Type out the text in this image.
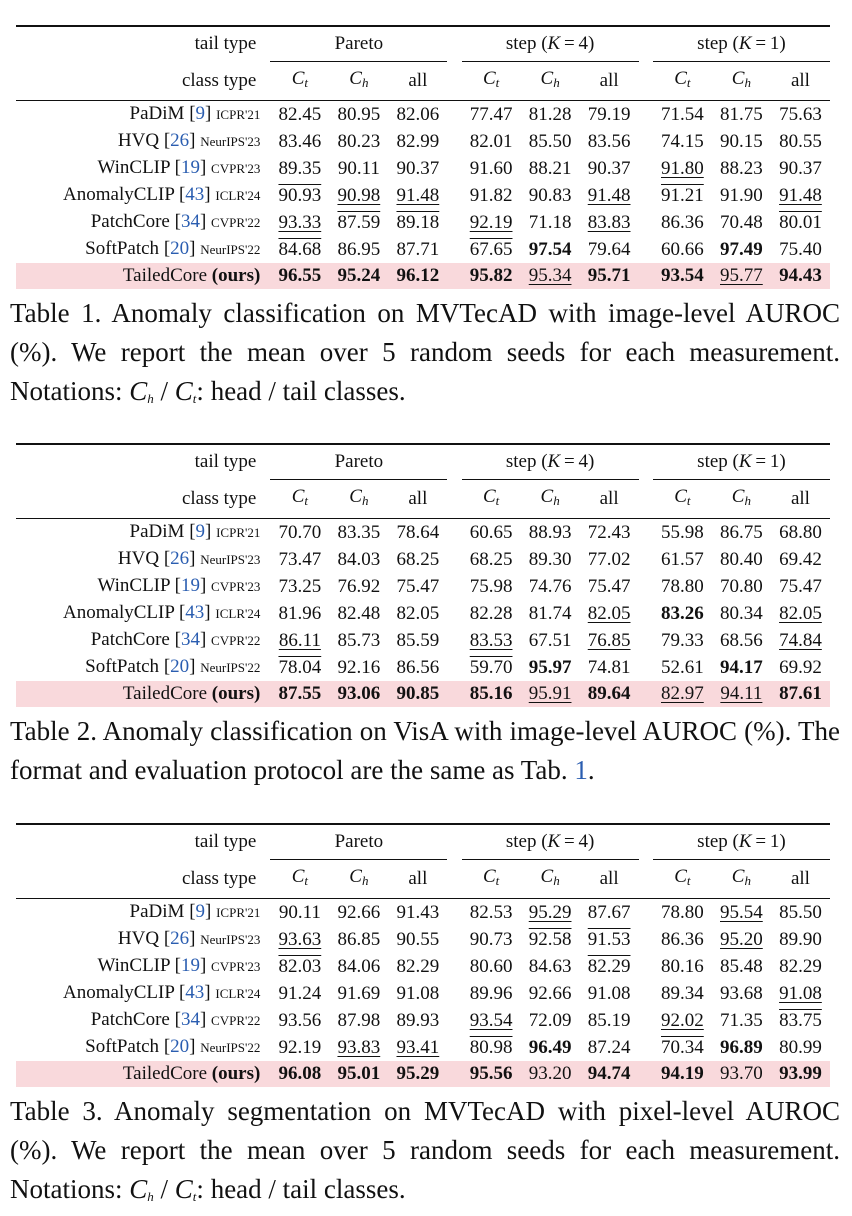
tail type	Pareto				step (K = 4)				step (K = 1)		
class type	$C_t$	$C_h$	all		$C_t$	$C_h$	all		$C_t$	$C_h$	all
PaDiM [9] ICPR'21	82.45	80.95	82.06		77.47	81.28	79.19		71.54	81.75	75.63
HVQ [26] NeurIPS'23	83.46	80.23	82.99		82.01	85.50	83.56		74.15	90.15	80.55
WinCLIP [19] CVPR'23	89.35	90.11	90.37		91.60	88.21	90.37		91.80	88.23	90.37
AnomalyCLIP [43] ICLR'24	90.93	90.98	91.48		91.82	90.83	91.48		91.21	91.90	91.48
PatchCore [34] CVPR'22	93.33	87.59	89.18		92.19	71.18	83.83		86.36	70.48	80.01
SoftPatch [20] NeurIPS'22	84.68	86.95	87.71		67.65	97.54	79.64		60.66	97.49	75.40
TailedCore (ours)	96.55	95.24	96.12		95.82	95.34	95.71		93.54	95.77	94.43
Table 1. Anomaly classification on MVTecAD with image-level AUROC (%). We report the mean over 5 random seeds for each measurement. Notations: $C_h / C_t$: head / tail classes.
tail type	Pareto				step (K = 4)				step (K = 1)		
class type	$C_t$	$C_h$	all		$C_t$	$C_h$	all		$C_t$	$C_h$	all
PaDiM [9] ICPR'21	70.70	83.35	78.64		60.65	88.93	72.43		55.98	86.75	68.80
HVQ [26] NeurIPS'23	73.47	84.03	68.25		68.25	89.30	77.02		61.57	80.40	69.42
WinCLIP [19] CVPR'23	73.25	76.92	75.47		75.98	74.76	75.47		78.80	70.80	75.47
AnomalyCLIP [43] ICLR'24	81.96	82.48	82.05		82.28	81.74	82.05		83.26	80.34	82.05
PatchCore [34] CVPR'22	86.11	85.73	85.59		83.53	67.51	76.85		79.33	68.56	74.84
SoftPatch [20] NeurIPS'22	78.04	92.16	86.56		59.70	95.97	74.81		52.61	94.17	69.92
TailedCore (ours)	87.55	93.06	90.85		85.16	95.91	89.64		82.97	94.11	87.61
Table 2. Anomaly classification on VisA with image-level AUROC (%). The format and evaluation protocol are the same as Tab. 1.
tail type	Pareto				step (K = 4)				step (K = 1)		
class type	$C_t$	$C_h$	all		$C_t$	$C_h$	all		$C_t$	$C_h$	all
PaDiM [9] ICPR'21	90.11	92.66	91.43		82.53	95.29	87.67		78.80	95.54	85.50
HVQ [26] NeurIPS'23	93.63	86.85	90.55		90.73	92.58	91.53		86.36	95.20	89.90
WinCLIP [19] CVPR'23	82.03	84.06	82.29		80.60	84.63	82.29		80.16	85.48	82.29
AnomalyCLIP [43] ICLR'24	91.24	91.69	91.08		89.96	92.66	91.08		89.34	93.68	91.08
PatchCore [34] CVPR'22	93.56	87.98	89.93		93.54	72.09	85.19		92.02	71.35	83.75
SoftPatch [20] NeurIPS'22	92.19	93.83	93.41		80.98	96.49	87.24		70.34	96.89	80.99
TailedCore (ours)	96.08	95.01	95.29		95.56	93.20	94.74		94.19	93.70	93.99
Table 3. Anomaly segmentation on MVTecAD with pixel-level AUROC (%). We report the mean over 5 random seeds for each measurement. Notations: $C_h / C_t$: head / tail classes.
